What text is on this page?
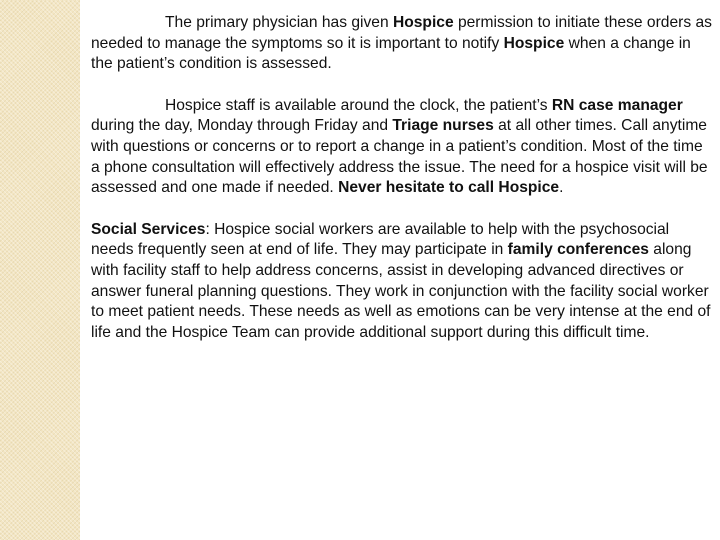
The primary physician has given Hospice permission to initiate these orders as needed to manage the symptoms so it is important to notify Hospice when a change in the patient’s condition is assessed.

Hospice staff is available around the clock, the patient’s RN case manager during the day, Monday through Friday and Triage nurses at all other times. Call anytime with questions or concerns or to report a change in a patient’s condition. Most of the time a phone consultation will effectively address the issue. The need for a hospice visit will be assessed and one made if needed. Never hesitate to call Hospice.

Social Services: Hospice social workers are available to help with the psychosocial needs frequently seen at end of life. They may participate in family conferences along with facility staff to help address concerns, assist in developing advanced directives or answer funeral planning questions. They work in conjunction with the facility social worker to meet patient needs. These needs as well as emotions can be very intense at the end of life and the Hospice Team can provide additional support during this difficult time.
